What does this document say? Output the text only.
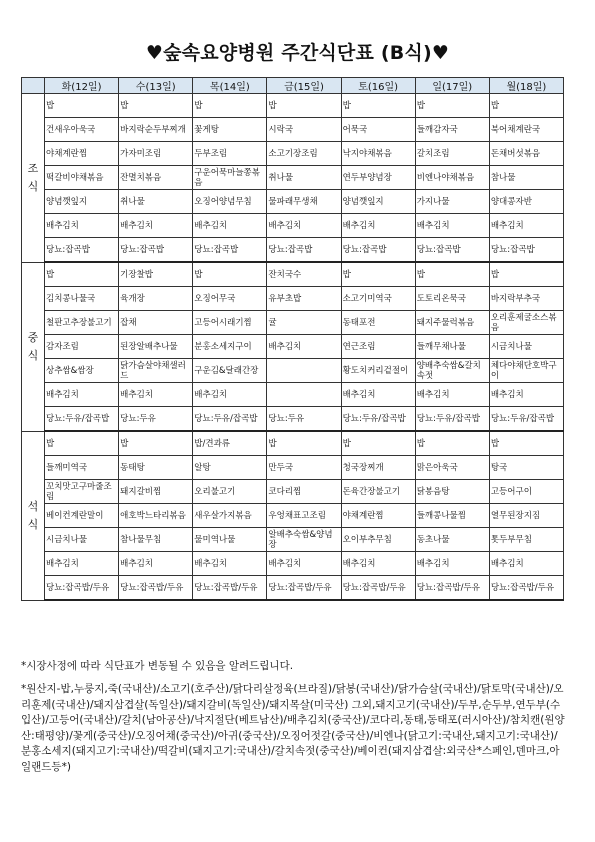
♥숲속요양병원 주간식단표 (B식)♥
	화(12일)	수(13일)	목(14일)	금(15일)	토(16일)	일(17일)	월(18일)
조
식	밥	밥	밥	밥	밥	밥	밥
	건새우아욱국	바지락순두부찌개	꽃게탕	시락국	어묵국	들깨감자국	북어채계란국
	야채계란찜	가자미조림	두부조림	소고기장조림	낙지야채볶음	갈치조림	돈채버섯볶음
	떡갈비야채볶음	잔멸치볶음	구운어묵마늘쫑볶음	취나물	연두부양념장	비엔나야채볶음	참나물
	양념깻잎지	취나물	오징어양념무침	물파래무생채	양념깻잎지	가지나물	양대콩자반
	배추김치	배추김치	배추김치	배추김치	배추김치	배추김치	배추김치
	당뇨:잡곡밥	당뇨:잡곡밥	당뇨:잡곡밥	당뇨:잡곡밥	당뇨:잡곡밥	당뇨:잡곡밥	당뇨:잡곡밥
중
식	밥	기장찰밥	밥	잔치국수	밥	밥	밥
	김치콩나물국	육개장	오징어무국	유부초밥	소고기미역국	도토리온묵국	바지락부추국
	철판고추장불고기	잡채	고등어시래기찜	귤	동태포전	돼지주물럭볶음	오리훈제굴소스볶음
	감자조림	된장알배추나물	분홍소세지구이	배추김치	연근조림	들깨무채나물	시금치나물
	상추쌈&쌈장	닭가슴살야채샐러드	구운김&달래간장		황도치커리겉절이	양배추숙쌈&갈치속젓	체다야채단호박구이
	배추김치	배추김치	배추김치		배추김치	배추김치	배추김치
	당뇨:두유/잡곡밥	당뇨:두유	당뇨:두유/잡곡밥	당뇨:두유	당뇨:두유/잡곡밥	당뇨:두유/잡곡밥	당뇨:두유/잡곡밥
석
식	밥	밥	밥/견과류	밥	밥	밥	밥
	들깨미역국	동태탕	알탕	만두국	청국장찌개	맑은아욱국	탕국
	꼬치맛고구마줄조림	돼지갈비찜	오리불고기	코다리찜	돈육간장불고기	닭봉음탕	고등어구이
	베이컨계란말이	애호박느타리볶음	새우살가지볶음	우엉채표고조림	야채계란찜	들깨콩나물찜	열무된장지짐
	시금치나물	참나물무침	물미역나물	알배추숙쌈&양념장	오이부추무침	동초나물	톳두부무침
	배추김치	배추김치	배추김치	배추김치	배추김치	배추김치	배추김치
	당뇨:잡곡밥/두유	당뇨:잡곡밥/두유	당뇨:잡곡밥/두유	당뇨:잡곡밥/두유	당뇨:잡곡밥/두유	당뇨:잡곡밥/두유	당뇨:잡곡밥/두유
*시장사정에 따라 식단표가 변동될 수 있음을 알려드립니다.
*원산지-밥,누룽지,죽(국내산)/소고기(호주산)/닭다리살정육(브라질)/닭봉(국내산)/닭가슴살(국내산)/닭토막(국내산)/오리훈제(국내산)/돼지삼겹살(독일산)/돼지갈비(독일산)/돼지목살(미국산) 그외,돼지고기(국내산)/두부,순두부,연두부(수입산)/고등어(국내산)/갈치(남아공산)/낙지절단(베트남산)/배추김치(중국산)/코다리,동태,동태포(러시아산)/참치캔(원양산:태평양)/꽃게(중국산)/오징어채(중국산)/아귀(중국산)/오징어젓갈(중국산)/비엔나(닭고기:국내산,돼지고기:국내산)/분홍소세지(돼지고기:국내산)/떡갈비(돼지고기:국내산)/갈치속젓(중국산)/베이컨(돼지삼겹살:외국산*스페인,덴마크,아일랜드등*)
